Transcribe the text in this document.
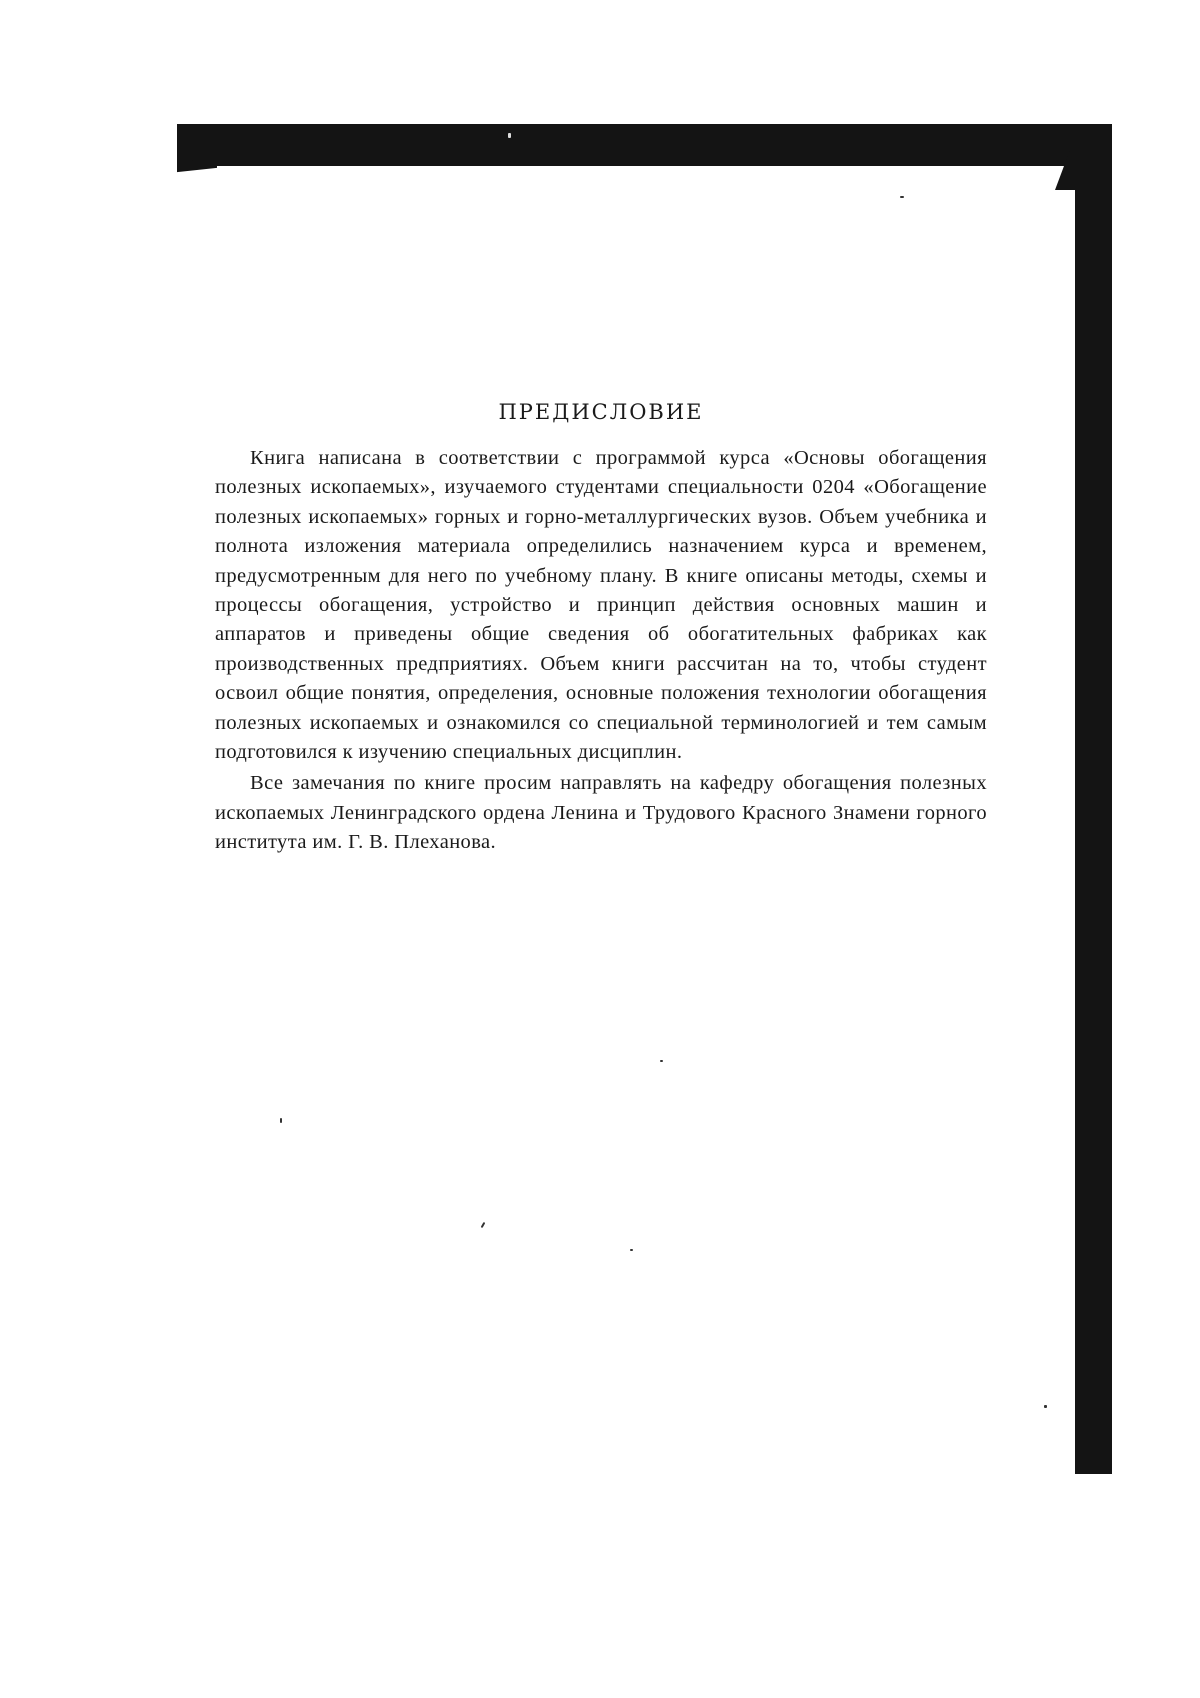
ПРЕДИСЛОВИЕ

Книга написана в соответствии с программой курса «Основы обогащения полезных ископаемых», изучаемого студентами специальности 0204 «Обогащение полезных ископаемых» горных и горно-металлургических вузов. Объем учебника и полнота изложения материала определились назначением курса и временем, предусмотренным для него по учебному плану. В книге описаны методы, схемы и процессы обогащения, устройство и принцип действия основных машин и аппаратов и приведены общие сведения об обогатительных фабриках как производственных предприятиях. Объем книги рассчитан на то, чтобы студент освоил общие понятия, определения, основные положения технологии обогащения полезных ископаемых и ознакомился со специальной терминологией и тем самым подготовился к изучению специальных дисциплин.

Все замечания по книге просим направлять на кафедру обогащения полезных ископаемых Ленинградского ордена Ленина и Трудового Красного Знамени горного института им. Г. В. Плеханова.
